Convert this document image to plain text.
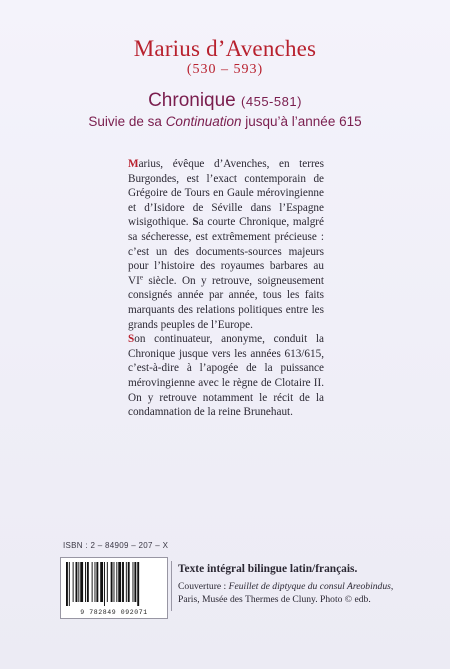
Marius d’Avenches
(530 – 593)
Chronique (455-581)
Suivie de sa Continuation jusqu’à l’année 615

Marius, évêque d’Avenches, en terres Burgondes, est l’exact contemporain de Grégoire de Tours en Gaule mérovingienne et d’Isidore de Séville dans l’Espagne wisigothique. Sa courte Chronique, malgré sa sécheresse, est extrêmement précieuse : c’est un des documents-sources majeurs pour l’histoire des royaumes barbares au VIe siècle. On y retrouve, soigneusement consignés année par année, tous les faits marquants des relations politiques entre les grands peuples de l’Europe.

Son continuateur, anonyme, conduit la Chronique jusque vers les années 613/615, c’est-à-dire à l’apogée de la puissance mérovingienne avec le règne de Clotaire II. On y retrouve notamment le récit de la condamnation de la reine Brunehaut.

ISBN : 2 – 84909 – 207 – X
9 782849 092071
Texte intégral bilingue latin/français.
Couverture : Feuillet de diptyque du consul Areobindus, Paris, Musée des Thermes de Cluny. Photo © edb.
